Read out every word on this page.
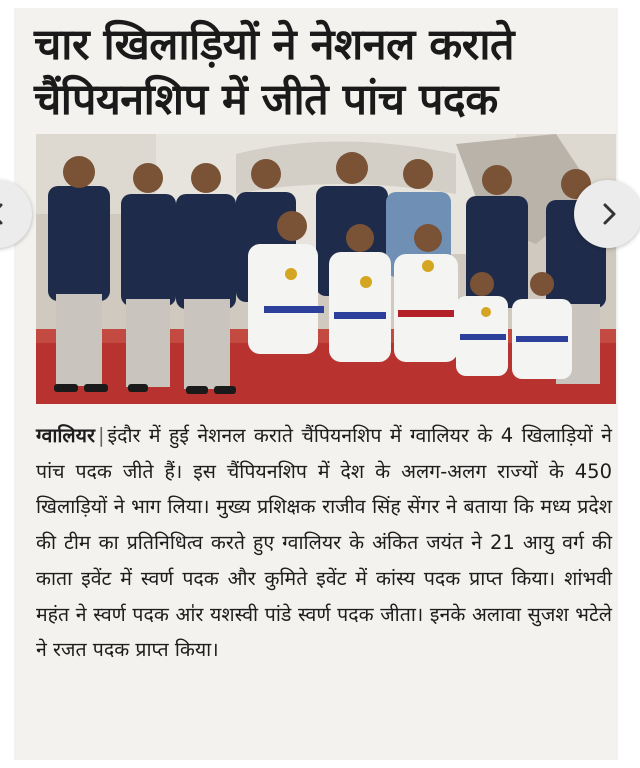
चार खिलाड़ियों ने नेशनल कराते
चैंपियनशिप में जीते पांच पदक
ग्वालियर | इंदौर में हुई नेशनल कराते चैंपियनशिप में ग्वालियर के 4 खिलाड़ियों ने पांच पदक जीते हैं। इस चैंपियनशिप में देश के अलग-अलग राज्यों के 450 खिलाड़ियों ने भाग लिया। मुख्य प्रशिक्षक राजीव सिंह सेंगर ने बताया कि मध्य प्रदेश की टीम का प्रतिनिधित्व करते हुए ग्वालियर के अंकित जयंत ने 21 आयु वर्ग की काता इवेंट में स्वर्ण पदक और कुमिते इवेंट में कांस्य पदक प्राप्त किया। शांभवी महंत ने स्वर्ण पदक आ॑र यशस्वी पांडे स्वर्ण पदक जीता। इनके अलावा सुजश भटेले ने रजत पदक प्राप्त किया।
